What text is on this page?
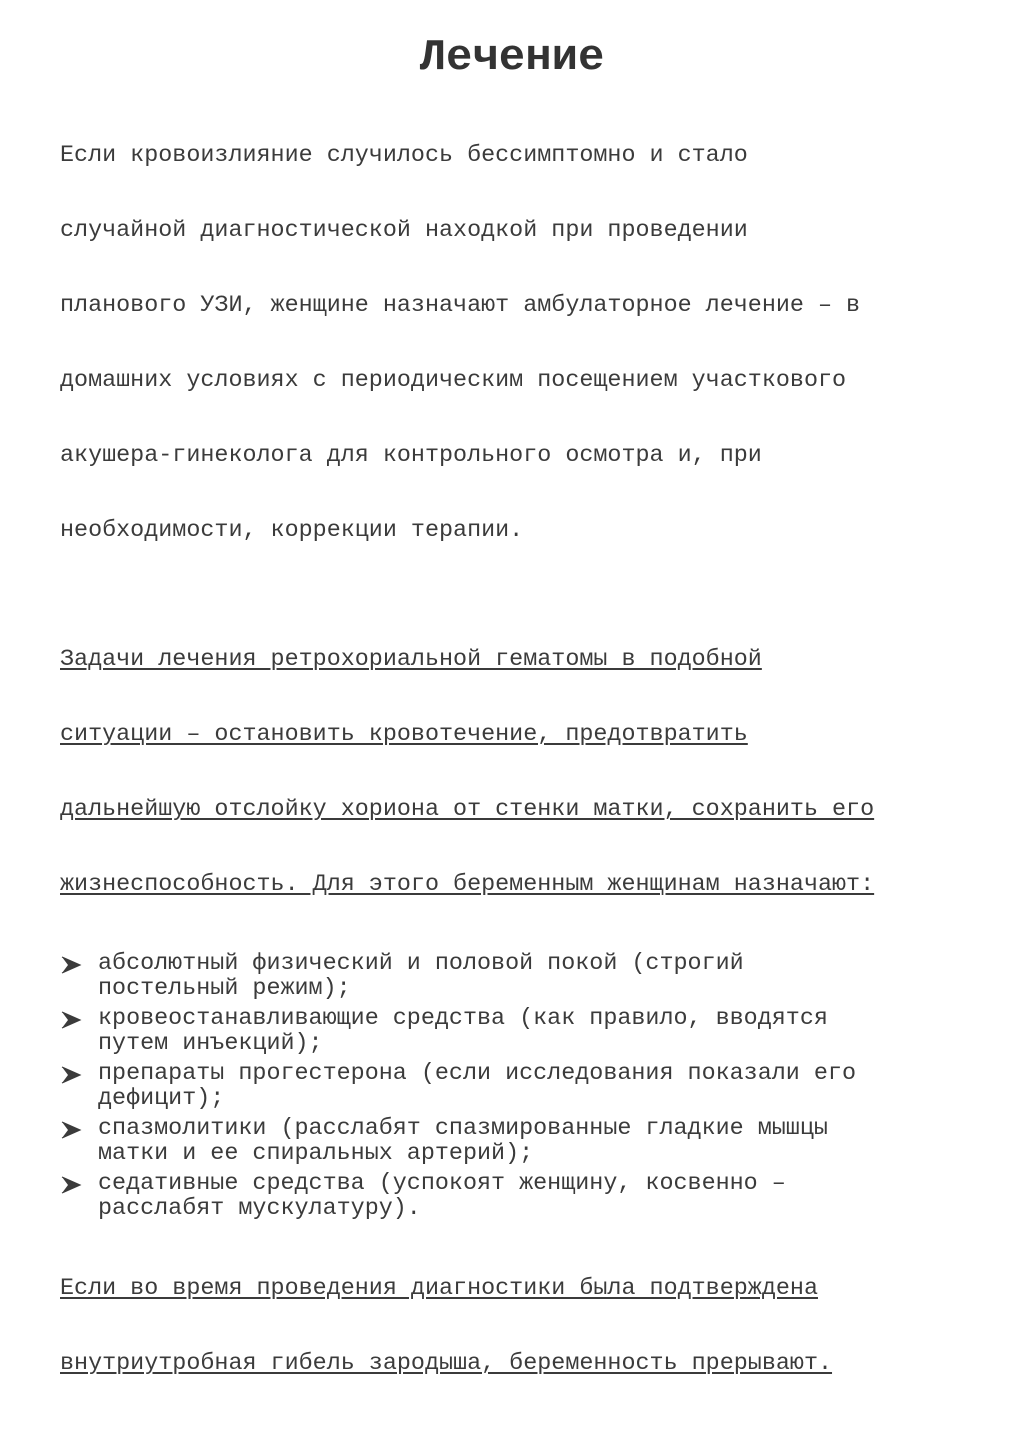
Лечение

Если кровоизлияние случилось бессимптомно и стало

случайной диагностической находкой при проведении

планового УЗИ, женщине назначают амбулаторное лечение – в

домашних условиях с периодическим посещением участкового

акушера-гинеколога для контрольного осмотра и, при

необходимости, коррекции терапии.

Задачи лечения ретрохориальной гематомы в подобной

ситуации – остановить кровотечение, предотвратить

дальнейшую отслойку хориона от стенки матки, сохранить его

жизнеспособность. Для этого беременным женщинам назначают:

абсолютный физический и половой покой (строгий
постельный режим);
кровеостанавливающие средства (как правило, вводятся
путем инъекций);
препараты прогестерона (если исследования показали его
дефицит);
спазмолитики (расслабят спазмированные гладкие мышцы
матки и ее спиральных артерий);
седативные средства (успокоят женщину, косвенно –
расслабят мускулатуру).

Если во время проведения диагностики была подтверждена

внутриутробная гибель зародыша, беременность прерывают.
